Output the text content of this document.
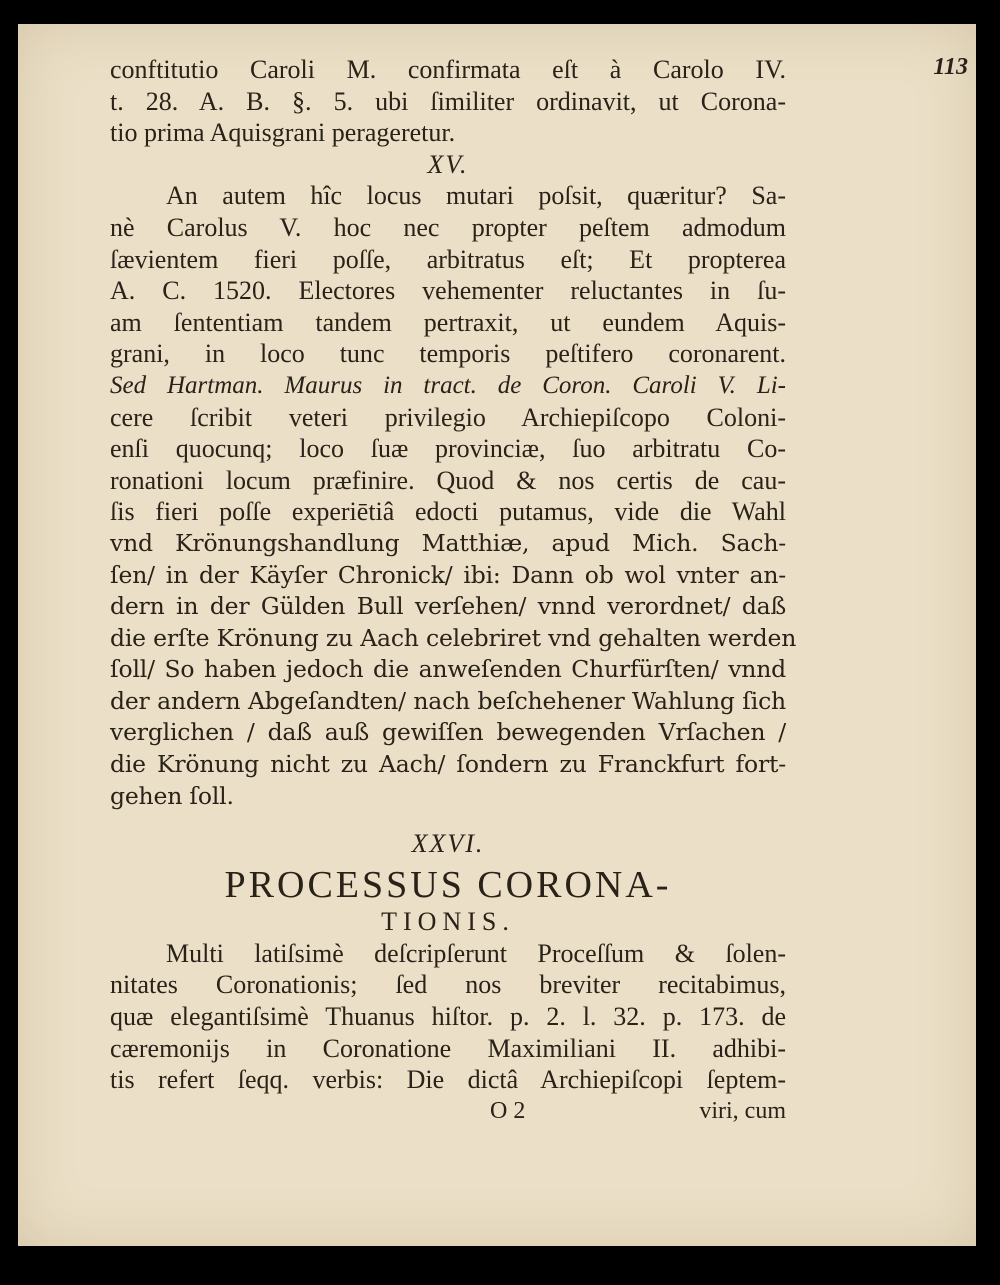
113
conftitutio Caroli M. confirmata eſt à Carolo IV.
t. 28. A. B. §. 5. ubi ſimiliter ordinavit, ut Corona-
tio prima Aquisgrani perageretur.
XV.
An autem hîc locus mutari poſsit, quæritur? Sa-
nè Carolus V. hoc nec propter peſtem admodum
ſævientem fieri poſſe, arbitratus eſt; Et propterea
A. C. 1520. Electores vehementer reluctantes in ſu-
am ſententiam tandem pertraxit, ut eundem Aquis-
grani, in loco tunc temporis peſtifero coronarent.
Sed Hartman. Maurus in tract. de Coron. Caroli V. Li-
cere ſcribit veteri privilegio Archiepiſcopo Coloni-
enſi quocunq; loco ſuæ provinciæ, ſuo arbitratu Co-
ronationi locum præfinire. Quod & nos certis de cau-
ſis fieri poſſe experiētiâ edocti putamus, vide die Wahl
vnd Krönungshandlung Matthiæ, apud Mich. Sach-
ſen/ in der Käyſer Chronick/ ibi: Dann ob wol vnter an-
dern in der Gülden Bull verſehen/ vnnd verordnet/ daß
die erſte Krönung zu Aach celebriret vnd gehalten werden
ſoll/ So haben jedoch die anweſenden Churfürſten/ vnnd
der andern Abgeſandten/ nach beſchehener Wahlung ſich
verglichen / daß auß gewiſſen bewegenden Vrſachen /
die Krönung nicht zu Aach/ ſondern zu Franckfurt fort-
gehen ſoll.
XXVI.
PROCESSUS CORONA-
TIONIS.
Multi latiſsimè deſcripſerunt Proceſſum & ſolen-
nitates Coronationis; ſed nos breviter recitabimus,
quæ elegantiſsimè Thuanus hiſtor. p. 2. l. 32. p. 173. de
cæremonijs in Coronatione Maximiliani II. adhibi-
tis refert ſeqq. verbis: Die dictâ Archiepiſcopi ſeptem-
O 2	viri, cum
